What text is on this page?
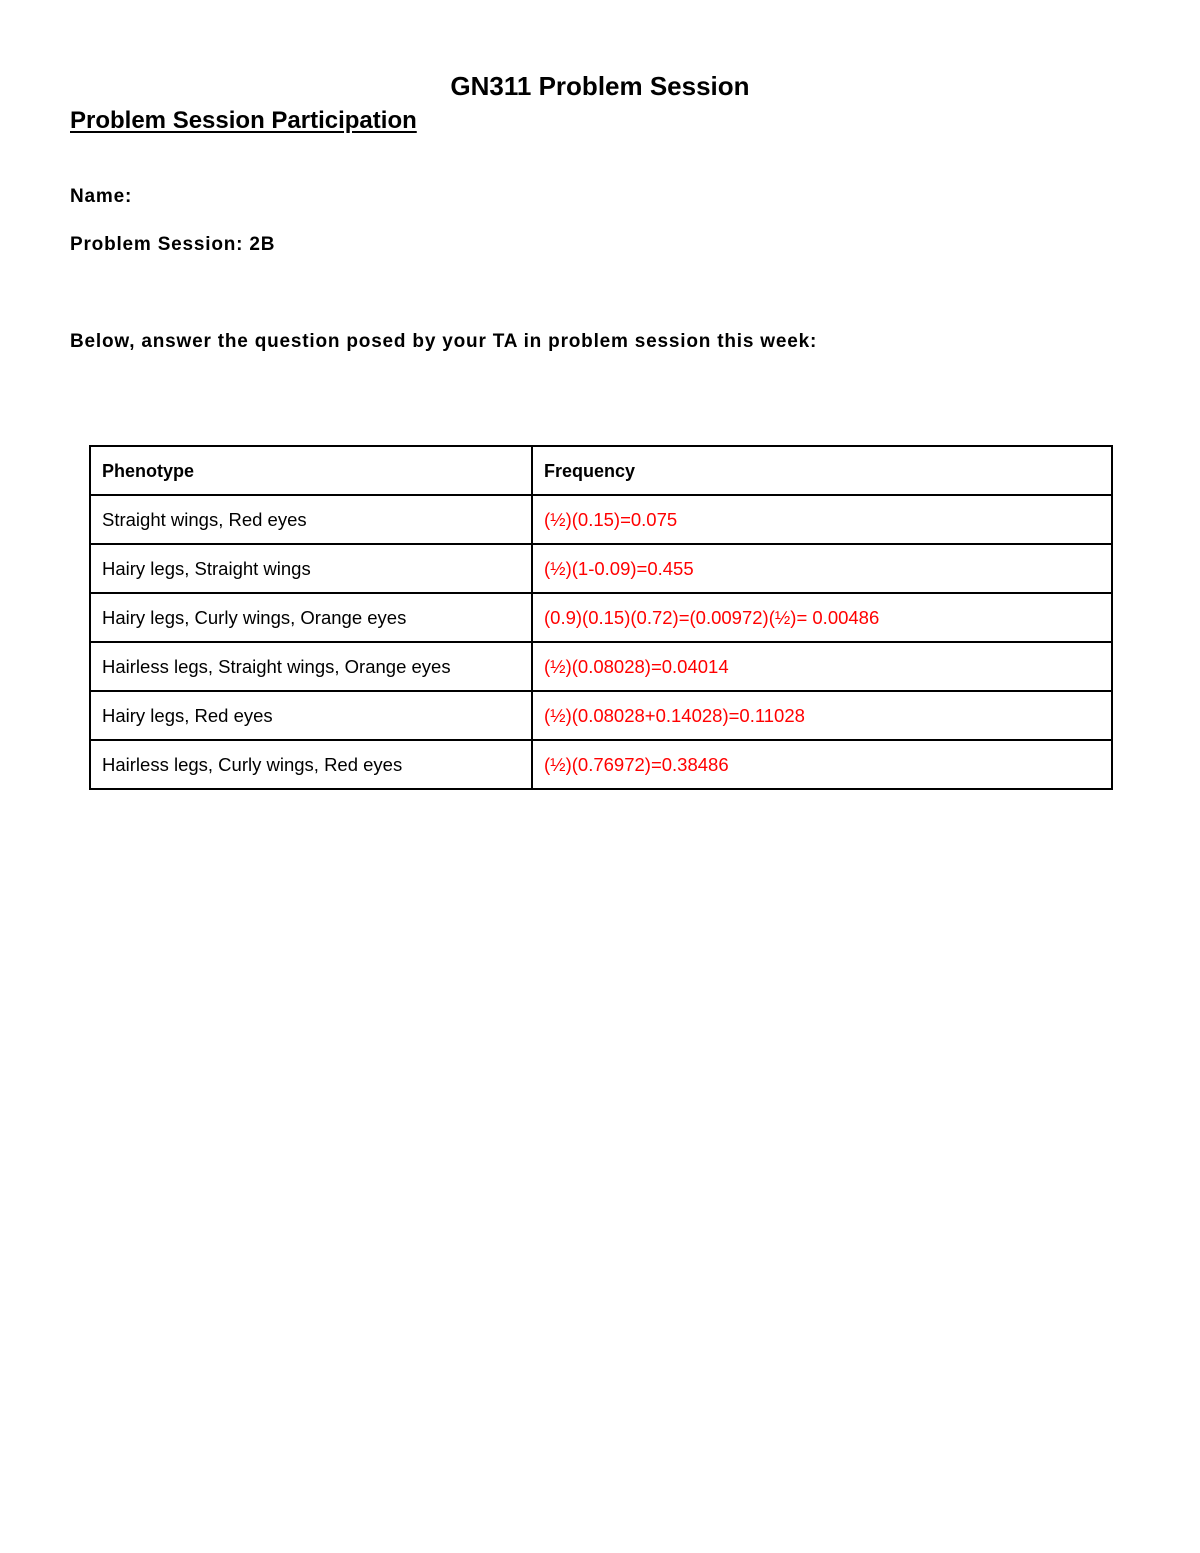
GN311 Problem Session
Problem Session Participation
Name:
Problem Session: 2B
Below, answer the question posed by your TA in problem session this week:
Phenotype	Frequency
Straight wings, Red eyes	(½)(0.15)=0.075
Hairy legs, Straight wings	(½)(1-0.09)=0.455
Hairy legs, Curly wings, Orange eyes	(0.9)(0.15)(0.72)=(0.00972)(½)= 0.00486
Hairless legs, Straight wings, Orange eyes	(½)(0.08028)=0.04014
Hairy legs, Red eyes	(½)(0.08028+0.14028)=0.11028
Hairless legs, Curly wings, Red eyes	(½)(0.76972)=0.38486
